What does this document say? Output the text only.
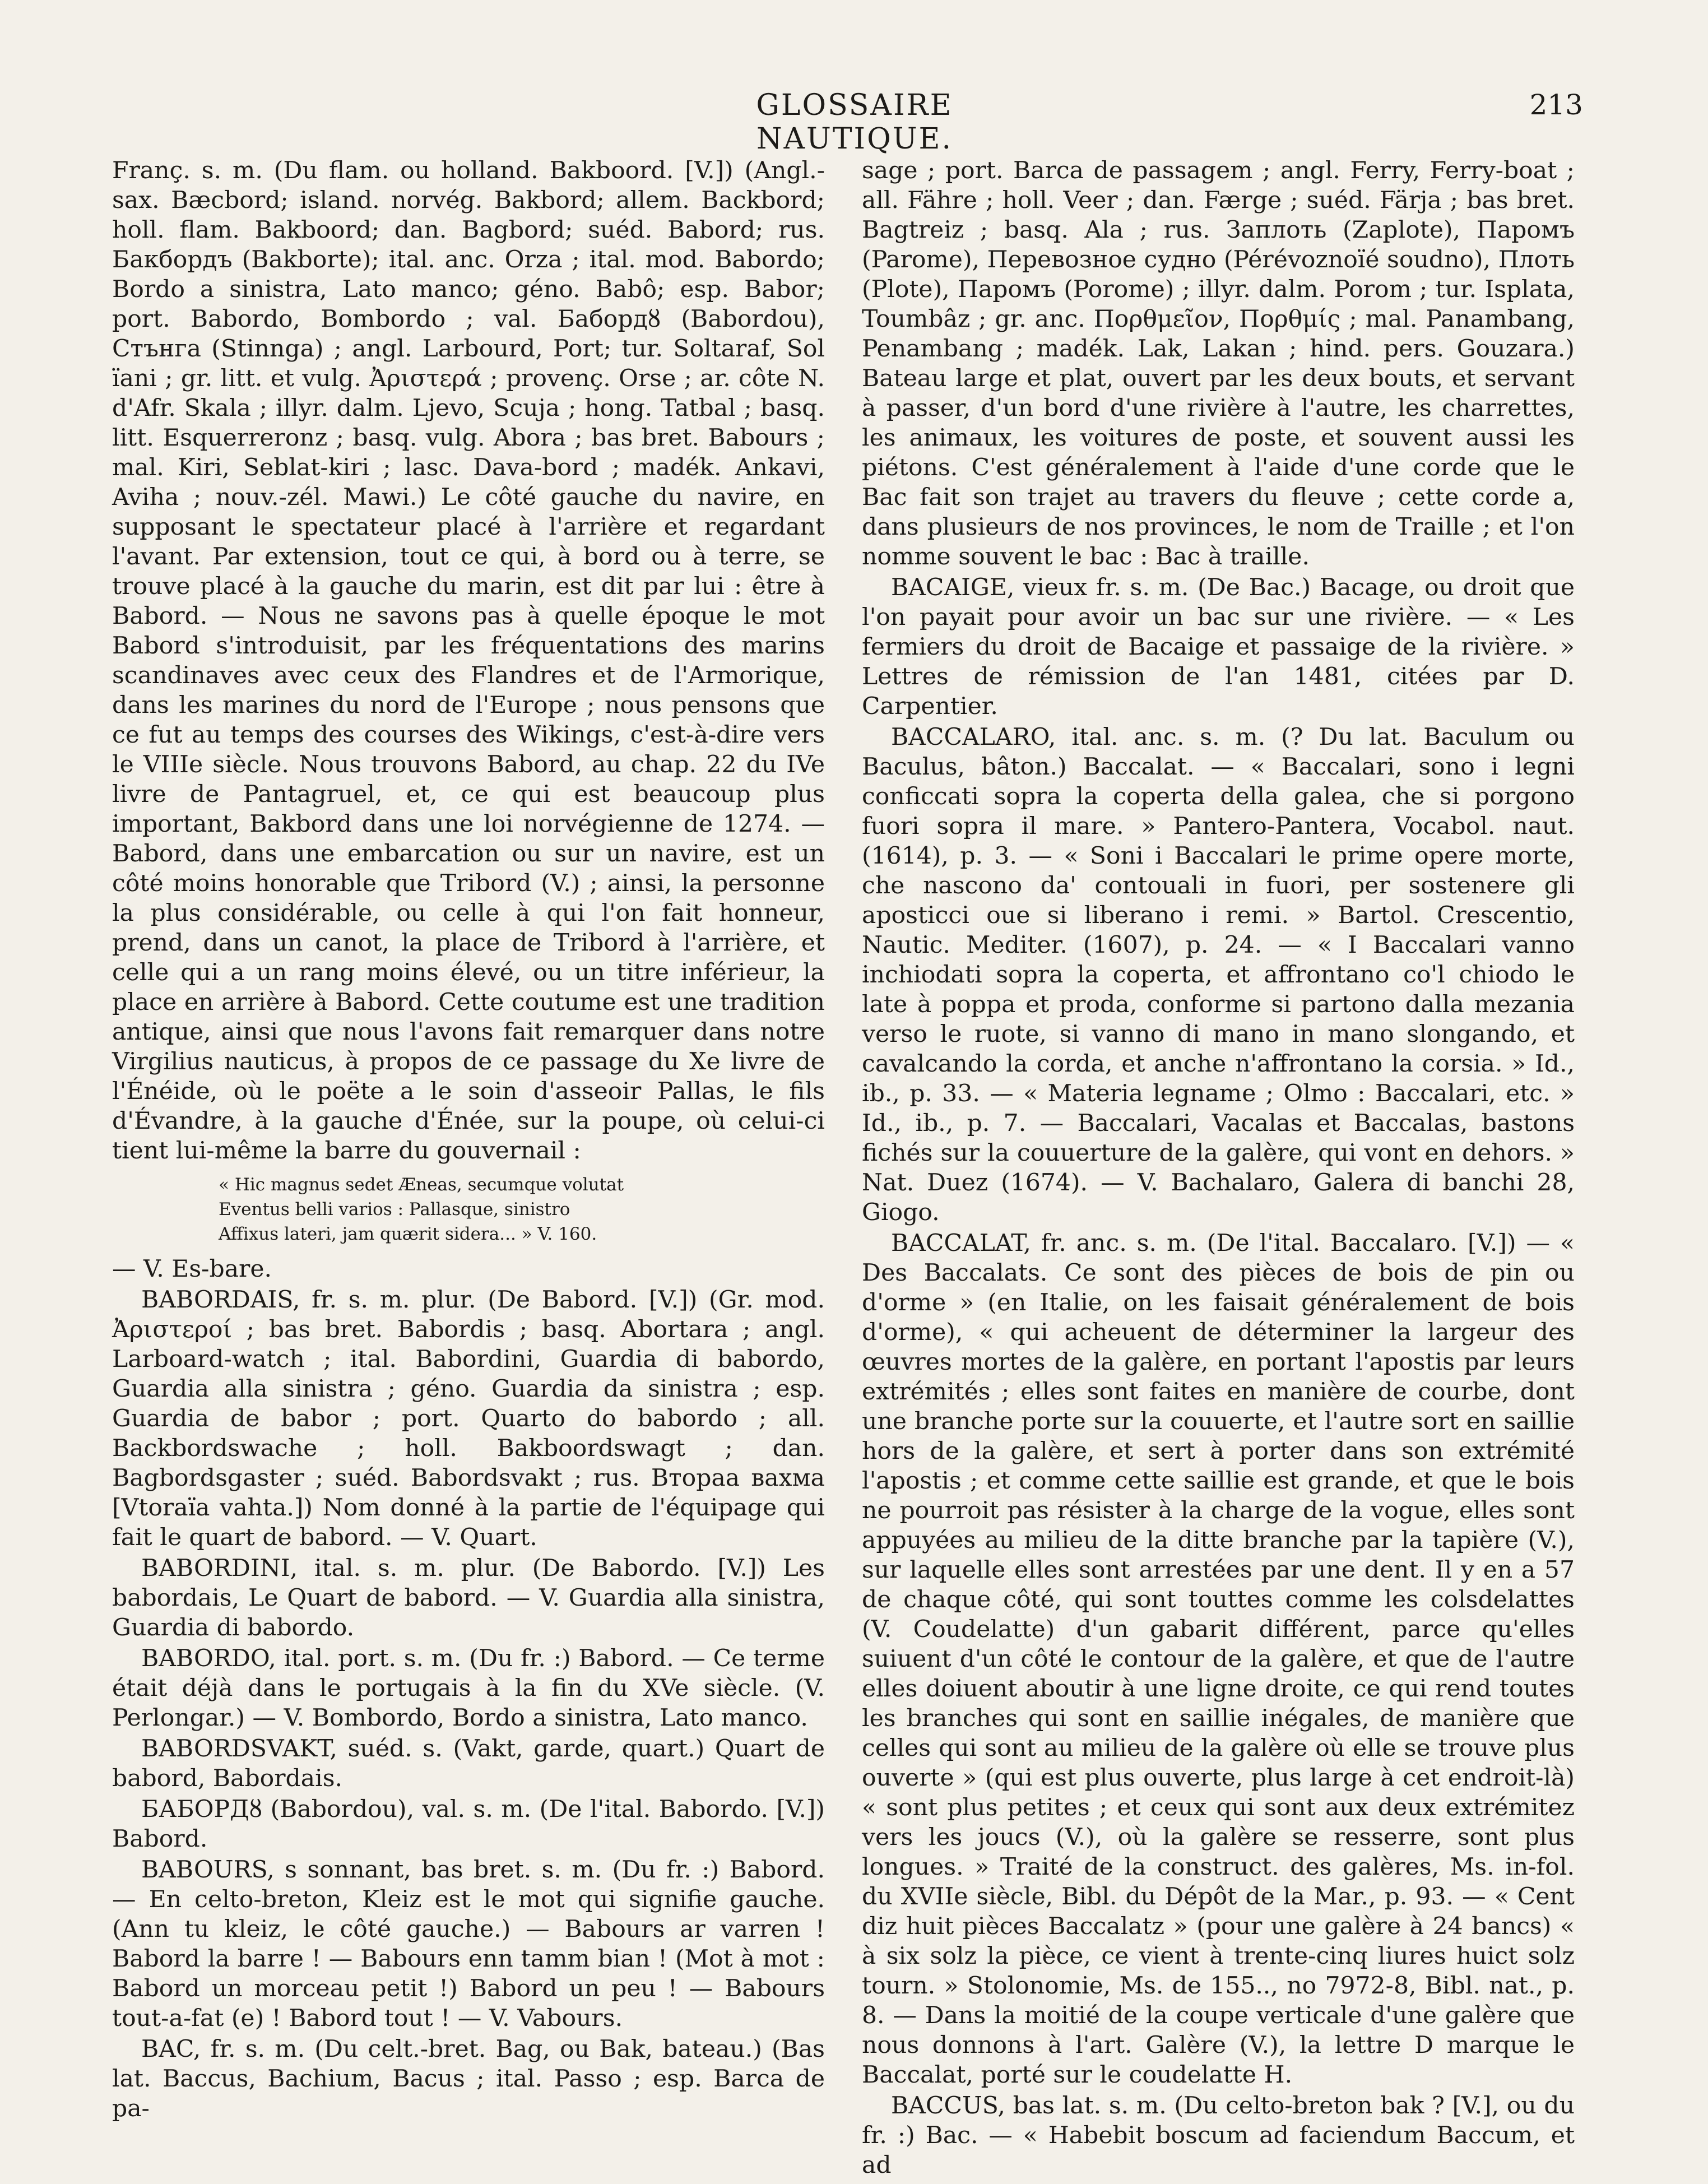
GLOSSAIRE NAUTIQUE.
213

Franç. s. m. (Du flam. ou holland. Bakboord. [V.]) (Angl.-sax. Bæcbord; island. norvég. Bakbord; allem. Backbord; holl. flam. Bakboord; dan. Bagbord; suéd. Babord; rus. Бакбордъ (Bakborte); ital. anc. Orza ; ital. mod. Babordo; Bordo a sinistra, Lato manco; géno. Babô; esp. Babor; port. Babordo, Bombordo ; val. Бабордȣ (Babordou), Стънга (Stinnga) ; angl. Larbourd, Port; tur. Soltaraf, Sol ïani ; gr. litt. et vulg. Ἀριστερά ; provenç. Orse ; ar. côte N. d'Afr. Skala ; illyr. dalm. Ljevo, Scuja ; hong. Tatbal ; basq. litt. Esquerreronz ; basq. vulg. Abora ; bas bret. Babours ; mal. Kiri, Seblat-kiri ; lasc. Dava-bord ; madék. Ankavi, Aviha ; nouv.-zél. Mawi.) Le côté gauche du navire, en supposant le spectateur placé à l'arrière et regardant l'avant. Par extension, tout ce qui, à bord ou à terre, se trouve placé à la gauche du marin, est dit par lui : être à Babord. — Nous ne savons pas à quelle époque le mot Babord s'introduisit, par les fréquentations des marins scandinaves avec ceux des Flandres et de l'Armorique, dans les marines du nord de l'Europe ; nous pensons que ce fut au temps des courses des Wikings, c'est-à-dire vers le VIIIe siècle. Nous trouvons Babord, au chap. 22 du IVe livre de Pantagruel, et, ce qui est beaucoup plus important, Bakbord dans une loi norvégienne de 1274. — Babord, dans une embarcation ou sur un navire, est un côté moins honorable que Tribord (V.) ; ainsi, la personne la plus considérable, ou celle à qui l'on fait honneur, prend, dans un canot, la place de Tribord à l'arrière, et celle qui a un rang moins élevé, ou un titre inférieur, la place en arrière à Babord. Cette coutume est une tradition antique, ainsi que nous l'avons fait remarquer dans notre Virgilius nauticus, à propos de ce passage du Xe livre de l'Énéide, où le poëte a le soin d'asseoir Pallas, le fils d'Évandre, à la gauche d'Énée, sur la poupe, où celui-ci tient lui-même la barre du gouvernail :

« Hic magnus sedet Æneas, secumque volutat
Eventus belli varios : Pallasque, sinistro
Affixus lateri, jam quærit sidera... » V. 160.

— V. Es-bare.

BABORDAIS, fr. s. m. plur. (De Babord. [V.]) (Gr. mod. Ἀριστεροί ; bas bret. Babordis ; basq. Abortara ; angl. Larboard-watch ; ital. Babordini, Guardia di babordo, Guardia alla sinistra ; géno. Guardia da sinistra ; esp. Guardia de babor ; port. Quarto do babordo ; all. Backbordswache ; holl. Bakboordswagt ; dan. Bagbordsgaster ; suéd. Babordsvakt ; rus. Втораа вахма [Vtoraïa vahta.]) Nom donné à la partie de l'équipage qui fait le quart de babord. — V. Quart.

BABORDINI, ital. s. m. plur. (De Babordo. [V.]) Les babordais, Le Quart de babord. — V. Guardia alla sinistra, Guardia di babordo.

BABORDO, ital. port. s. m. (Du fr. :) Babord. — Ce terme était déjà dans le portugais à la fin du XVe siècle. (V. Perlongar.) — V. Bombordo, Bordo a sinistra, Lato manco.

BABORDSVAKT, suéd. s. (Vakt, garde, quart.) Quart de babord, Babordais.

БАБОРДȣ (Babordou), val. s. m. (De l'ital. Babordo. [V.]) Babord.

BABOURS, s sonnant, bas bret. s. m. (Du fr. :) Babord. — En celto-breton, Kleiz est le mot qui signifie gauche. (Ann tu kleiz, le côté gauche.) — Babours ar varren ! Babord la barre ! — Babours enn tamm bian ! (Mot à mot : Babord un morceau petit !) Babord un peu ! — Babours tout-a-fat (e) ! Babord tout ! — V. Vabours.

BAC, fr. s. m. (Du celt.-bret. Bag, ou Bak, bateau.) (Bas lat. Baccus, Bachium, Bacus ; ital. Passo ; esp. Barca de pa-

sage ; port. Barca de passagem ; angl. Ferry, Ferry-boat ; all. Fähre ; holl. Veer ; dan. Færge ; suéd. Färja ; bas bret. Bagtreiz ; basq. Ala ; rus. Заплоть (Zaplote), Паромъ (Parome), Перевозное судно (Pérévoznoïé soudno), Плоть (Plote), Паромъ (Porome) ; illyr. dalm. Porom ; tur. Isplata, Toumbâz ; gr. anc. Πορθμεῖον, Πορθμίς ; mal. Panambang, Penambang ; madék. Lak, Lakan ; hind. pers. Gouzara.) Bateau large et plat, ouvert par les deux bouts, et servant à passer, d'un bord d'une rivière à l'autre, les charrettes, les animaux, les voitures de poste, et souvent aussi les piétons. C'est généralement à l'aide d'une corde que le Bac fait son trajet au travers du fleuve ; cette corde a, dans plusieurs de nos provinces, le nom de Traille ; et l'on nomme souvent le bac : Bac à traille.

BACAIGE, vieux fr. s. m. (De Bac.) Bacage, ou droit que l'on payait pour avoir un bac sur une rivière. — « Les fermiers du droit de Bacaige et passaige de la rivière. » Lettres de rémission de l'an 1481, citées par D. Carpentier.

BACCALARO, ital. anc. s. m. (? Du lat. Baculum ou Baculus, bâton.) Baccalat. — « Baccalari, sono i legni conficcati sopra la coperta della galea, che si porgono fuori sopra il mare. » Pantero-Pantera, Vocabol. naut. (1614), p. 3. — « Soni i Baccalari le prime opere morte, che nascono da' contouali in fuori, per sostenere gli aposticci oue si liberano i remi. » Bartol. Crescentio, Nautic. Mediter. (1607), p. 24. — « I Baccalari vanno inchiodati sopra la coperta, et affrontano co'l chiodo le late à poppa et proda, conforme si partono dalla mezania verso le ruote, si vanno di mano in mano slongando, et cavalcando la corda, et anche n'affrontano la corsia. » Id., ib., p. 33. — « Materia legname ; Olmo : Baccalari, etc. » Id., ib., p. 7. — Baccalari, Vacalas et Baccalas, bastons fichés sur la couuerture de la galère, qui vont en dehors. » Nat. Duez (1674). — V. Bachalaro, Galera di banchi 28, Giogo.

BACCALAT, fr. anc. s. m. (De l'ital. Baccalaro. [V.]) — « Des Baccalats. Ce sont des pièces de bois de pin ou d'orme » (en Italie, on les faisait généralement de bois d'orme), « qui acheuent de déterminer la largeur des œuvres mortes de la galère, en portant l'apostis par leurs extrémités ; elles sont faites en manière de courbe, dont une branche porte sur la couuerte, et l'autre sort en saillie hors de la galère, et sert à porter dans son extrémité l'apostis ; et comme cette saillie est grande, et que le bois ne pourroit pas résister à la charge de la vogue, elles sont appuyées au milieu de la ditte branche par la tapière (V.), sur laquelle elles sont arrestées par une dent. Il y en a 57 de chaque côté, qui sont touttes comme les colsdelattes (V. Coudelatte) d'un gabarit différent, parce qu'elles suiuent d'un côté le contour de la galère, et que de l'autre elles doiuent aboutir à une ligne droite, ce qui rend toutes les branches qui sont en saillie inégales, de manière que celles qui sont au milieu de la galère où elle se trouve plus ouverte » (qui est plus ouverte, plus large à cet endroit-là) « sont plus petites ; et ceux qui sont aux deux extrémitez vers les joucs (V.), où la galère se resserre, sont plus longues. » Traité de la construct. des galères, Ms. in-fol. du XVIIe siècle, Bibl. du Dépôt de la Mar., p. 93. — « Cent diz huit pièces Baccalatz » (pour une galère à 24 bancs) « à six solz la pièce, ce vient à trente-cinq liures huict solz tourn. » Stolonomie, Ms. de 155.., no 7972-8, Bibl. nat., p. 8. — Dans la moitié de la coupe verticale d'une galère que nous donnons à l'art. Galère (V.), la lettre D marque le Baccalat, porté sur le coudelatte H.

BACCUS, bas lat. s. m. (Du celto-breton bak ? [V.], ou du fr. :) Bac. — « Habebit boscum ad faciendum Baccum, et ad
